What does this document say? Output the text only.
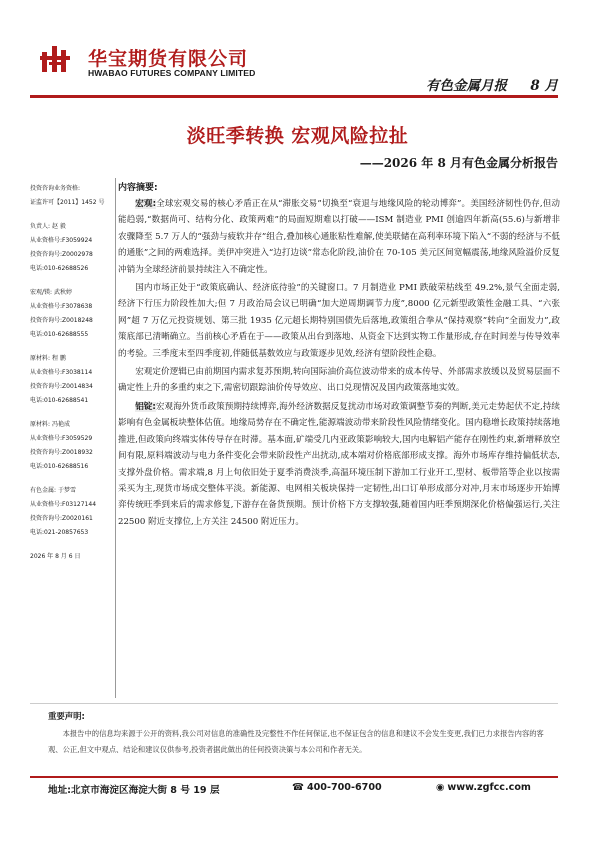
华宝期货有限公司
HWABAO FUTURES COMPANY LIMITED
有色金属月报 8 月
淡旺季转换 宏观风险拉扯
——2026 年 8 月有色金属分析报告
投资咨询业务资格:
证监许可【2011】1452 号
负责人: 赵 毅
从业资格号:F3059924
投资咨询号:Z0002978
电话:010-62688526
宏观/镁: 武秋婷
从业资格号:F3078638
投资咨询号:Z0018248
电话:010-62688555
原材料: 程 鹏
从业资格号:F3038114
投资咨询号:Z0014834
电话:010-62688541
原材料: 冯艳成
从业资格号:F3059529
投资咨询号:Z0018932
电话:010-62688516
有色金属: 于梦雪
从业资格号:F03127144
投资咨询号:Z0020161
电话:021-20857653
2026 年 8 月 6 日
内容摘要:

宏观:全球宏观交易的核心矛盾正在从“滞胀交易”切换至“衰退与地缘风险的轮动博弈”。美国经济韧性仍存,但动能趋弱,“数据尚可、结构分化、政策两难”的局面短期难以打破——ISM 制造业 PMI 创逾四年新高(55.6)与新增非农骤降至 5.7 万人的“强劲与疲软并存”组合,叠加核心通胀粘性难解,使美联储在高利率环境下陷入“不弱的经济与不低的通胀”之间的两难选择。美伊冲突进入“边打边谈”常态化阶段,油价在 70-105 美元区间宽幅震荡,地缘风险溢价反复冲销为全球经济前景持续注入不确定性。

国内市场正处于“政策底确认、经济底待验”的关键窗口。7 月制造业 PMI 跌破荣枯线至 49.2%,景气全面走弱,经济下行压力阶段性加大;但 7 月政治局会议已明确“加大逆周期调节力度”,8000 亿元新型政策性金融工具、“六张网”超 7 万亿元投资规划、第三批 1935 亿元超长期特别国债先后落地,政策组合拳从“保持观察”转向“全面发力”,政策底部已清晰确立。当前核心矛盾在于——政策从出台到落地、从资金下达到实物工作量形成,存在时间差与传导效率的考验。三季度末至四季度初,伴随低基数效应与政策逐步见效,经济有望阶段性企稳。

宏观定价逻辑已由前期国内需求复苏预期,转向国际油价高位波动带来的成本传导、外部需求放缓以及贸易层面不确定性上升的多重约束之下,需密切跟踪油价传导效应、出口兑现情况及国内政策落地实效。

铝锭:宏观海外货币政策预期持续博弈,海外经济数据反复扰动市场对政策调整节奏的判断,美元走势起伏不定,持续影响有色金属板块整体估值。地缘局势存在不确定性,能源端波动带来阶段性风险情绪变化。国内稳增长政策持续落地推进,但政策向终端实体传导存在时滞。基本面,矿端受几内亚政策影响较大,国内电解铝产能存在刚性约束,新增释放空间有限,原料端波动与电力条件变化会带来阶段性产出扰动,成本端对价格底部形成支撑。海外市场库存维持偏低状态,支撑外盘价格。需求端,8 月上旬依旧处于夏季消费淡季,高温环境压制下游加工行业开工,型材、板带箔等企业以按需采买为主,现货市场成交整体平淡。新能源、电网相关板块保持一定韧性,出口订单形成部分对冲,月末市场逐步开始博弈传统旺季到来后的需求修复,下游存在备货预期。预计价格下方支撑较强,随着国内旺季预期深化价格偏强运行,关注 22500 附近支撑位,上方关注 24500 附近压力。

重要声明:
本报告中的信息均来源于公开的资料,我公司对信息的准确性及完整性不作任何保证,也不保证包含的信息和建议不会发生变更,我们已力求报告内容的客观、公正,但文中观点、结论和建议仅供参考,投资者据此做出的任何投资决策与本公司和作者无关。
地址:北京市海淀区海淀大街 8 号 19 层	☎ 400-700-6700	◉ www.zgfcc.com
